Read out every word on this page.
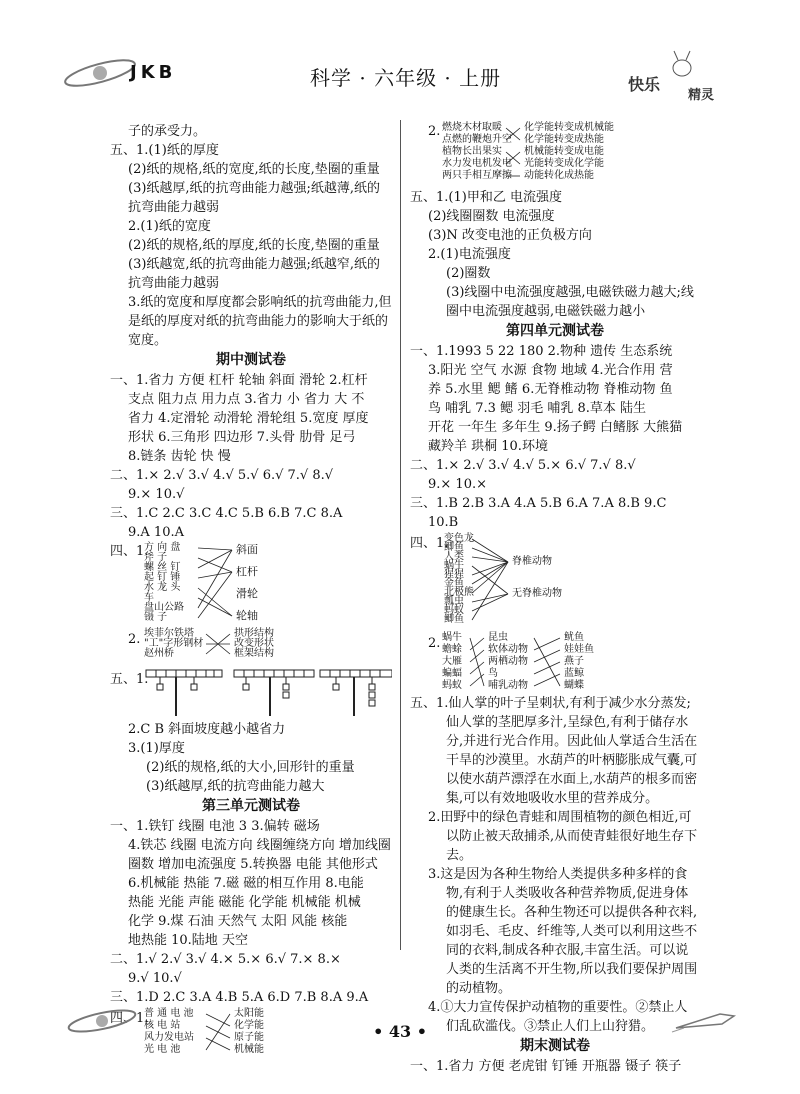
JKB	科学 · 六年级 · 上册	快乐
精灵
子的承受力。
五、1.(1)纸的厚度
(2)纸的规格,纸的宽度,纸的长度,垫圈的重量
(3)纸越厚,纸的抗弯曲能力越强;纸越薄,纸的抗弯曲能力越弱
2.(1)纸的宽度
(2)纸的规格,纸的厚度,纸的长度,垫圈的重量
(3)纸越宽,纸的抗弯曲能力越强;纸越窄,纸的抗弯曲能力越弱
3.纸的宽度和厚度都会影响纸的抗弯曲能力,但是纸的厚度对纸的抗弯曲能力的影响大于纸的宽度。
期中测试卷
一、1.省力 方便 杠杆 轮轴 斜面 滑轮 2.杠杆
支点 阻力点 用力点 3.省力 小 省力 大 不
省力 4.定滑轮 动滑轮 滑轮组 5.宽度 厚度
形状 6.三角形 四边形 7.头骨 肋骨 足弓
8.链条 齿轮 快 慢
二、1.× 2.√ 3.√ 4.√ 5.√ 6.√ 7.√ 8.√
9.× 10.√
三、1.C 2.C 3.C 4.C 5.B 6.B 7.C 8.A
9.A 10.A
四、1.
方 向 盘
斧 子
螺 丝 钉
起 钉 锤
水 龙 头
车
盘山公路
镊 子
斜面
杠杆
滑轮
轮轴
2. 埃菲尔铁塔
"工"字形钢材
赵州桥
拱形结构
改变形状
框架结构
五、1.
2.C B 斜面坡度越小越省力
3.(1)厚度
(2)纸的规格,纸的大小,回形针的重量
(3)纸越厚,纸的抗弯曲能力越大
第三单元测试卷
一、1.铁钉 线圈 电池 3 3.偏转 磁场
4.铁芯 线圈 电流方向 线圈缠绕方向 增加线圈
圈数 增加电流强度 5.转换器 电能 其他形式
6.机械能 热能 7.磁 磁的相互作用 8.电能
热能 光能 声能 磁能 化学能 机械能 机械
化学 9.煤 石油 天然气 太阳 风能 核能
地热能 10.陆地 天空
二、1.√ 2.√ 3.√ 4.× 5.× 6.√ 7.× 8.×
9.√ 10.√
三、1.D 2.C 3.A 4.B 5.A 6.D 7.B 8.A 9.A
四、1.
普 通 电 池
核 电 站
风力发电站
光 电 池
太阳能
化学能
原子能
机械能
2. 燃烧木材取暖
点燃的鞭炮升空
植物长出果实
水力发电机发电
两只手相互摩擦
化学能转变成机械能
化学能转变成热能
机械能转变成电能
光能转变成化学能
动能转化成热能
五、1.(1)甲和乙 电流强度
(2)线圈圈数 电流强度
(3)N 改变电池的正负极方向
2.(1)电流强度
(2)圈数
(3)线圈中电流强度越强,电磁铁磁力越大;线圈中电流强度越弱,电磁铁磁力越小
第四单元测试卷
一、1.1993 5 22 180 2.物种 遗传 生态系统
3.阳光 空气 水源 食物 地域 4.光合作用 营
养 5.水里 鳃 鳍 6.无脊椎动物 脊椎动物 鱼
鸟 哺乳 7.3 鳃 羽毛 哺乳 8.草本 陆生
开花 一年生 多年生 9.扬子鳄 白鳍豚 大熊猫
藏羚羊 珙桐 10.环境
二、1.× 2.√ 3.√ 4.√ 5.× 6.√ 7.√ 8.√
9.× 10.×
三、1.B 2.B 3.A 4.A 5.B 6.A 7.A 8.B 9.C
10.B
四、1.
变色龙
鲫鱼
人类
蜗牛
猩猩
金鱼
北极熊
瓢虫
蚂蚁
鲫鱼
脊椎动物
无脊椎动物
2. 蜗牛
蟾蜍
大雁
蝙蝠
蚂蚁
昆虫
软体动物
两栖动物
鸟
哺乳动物
鱿鱼
娃娃鱼
燕子
蓝鲸
蝴蝶
五、1.仙人掌的叶子呈刺状,有利于减少水分蒸发;仙人掌的茎肥厚多汁,呈绿色,有利于储存水分,并进行光合作用。因此仙人掌适合生活在干旱的沙漠里。水葫芦的叶柄膨胀成气囊,可以使水葫芦漂浮在水面上,水葫芦的根多而密集,可以有效地吸收水里的营养成分。
2.田野中的绿色青蛙和周围植物的颜色相近,可以防止被天敌捕杀,从而使青蛙很好地生存下去。
3.这是因为各种生物给人类提供多种多样的食物,有利于人类吸收各种营养物质,促进身体的健康生长。各种生物还可以提供各种衣料,如羽毛、毛皮、纤维等,人类可以利用这些不同的衣料,制成各种衣服,丰富生活。可以说人类的生活离不开生物,所以我们要保护周围的动植物。
4.①大力宣传保护动植物的重要性。②禁止人们乱砍滥伐。③禁止人们上山狩猎。
期末测试卷
一、1.省力 方便 老虎钳 钉锤 开瓶器 镊子 筷子
• 43 •
